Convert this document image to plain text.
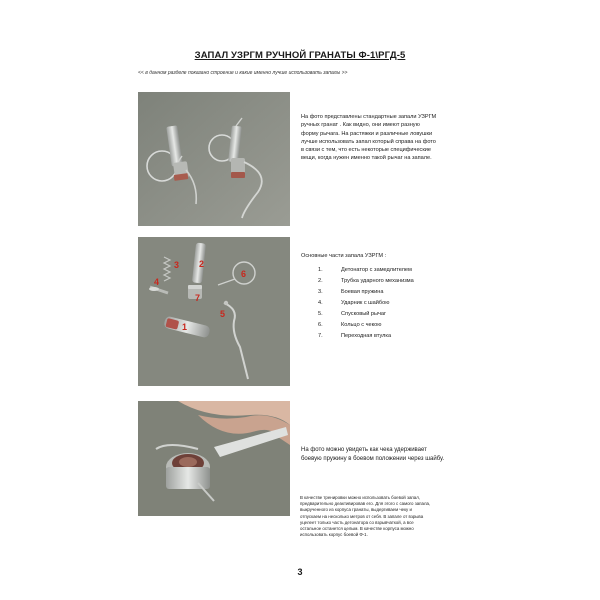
ЗАПАЛ УЗРГМ РУЧНОЙ ГРАНАТЫ Ф-1\РГД-5
<< в данном разделе показано строение и какие именно лучше использовать запалы >>

На фото представлены стандартные запали УЗРГМ

ручных гранат . Как видно, они имеют разную

форму рычага. На растяжки и различные ловушки

лучше использовать запал который справа на фото

в связи с тем, что есть некоторые специфические

вещи, когда нужен именно такой рычаг на запале.

1
2
3
4
5
6
7
Основные части запала УЗРГМ :
1.	Детонатор с замедлителем
2.	Трубка ударного механизма
3.	Боевая пружина
4.	Ударник с шайбою
5.	Спусковый рычаг
6.	Кольцо с чекою
7.	Переходная втулка

На фото можно увидеть как чека удерживает

боевую пружину в боевом положении через шайбу.

В качестве тренировки можно использовать боевой запал,
предварительно деактивировав его. Для этого с самого запала,
выкрученного из корпуса гранаты, выдергиваем чеку и
отпускаем на несколько метров от себя. В запале от взрыва
уцелеет только часть детонатора со взрывчаткой, а все
остальное останется целым. В качестве корпуса можно
использовать корпус боевой Ф-1.
3
